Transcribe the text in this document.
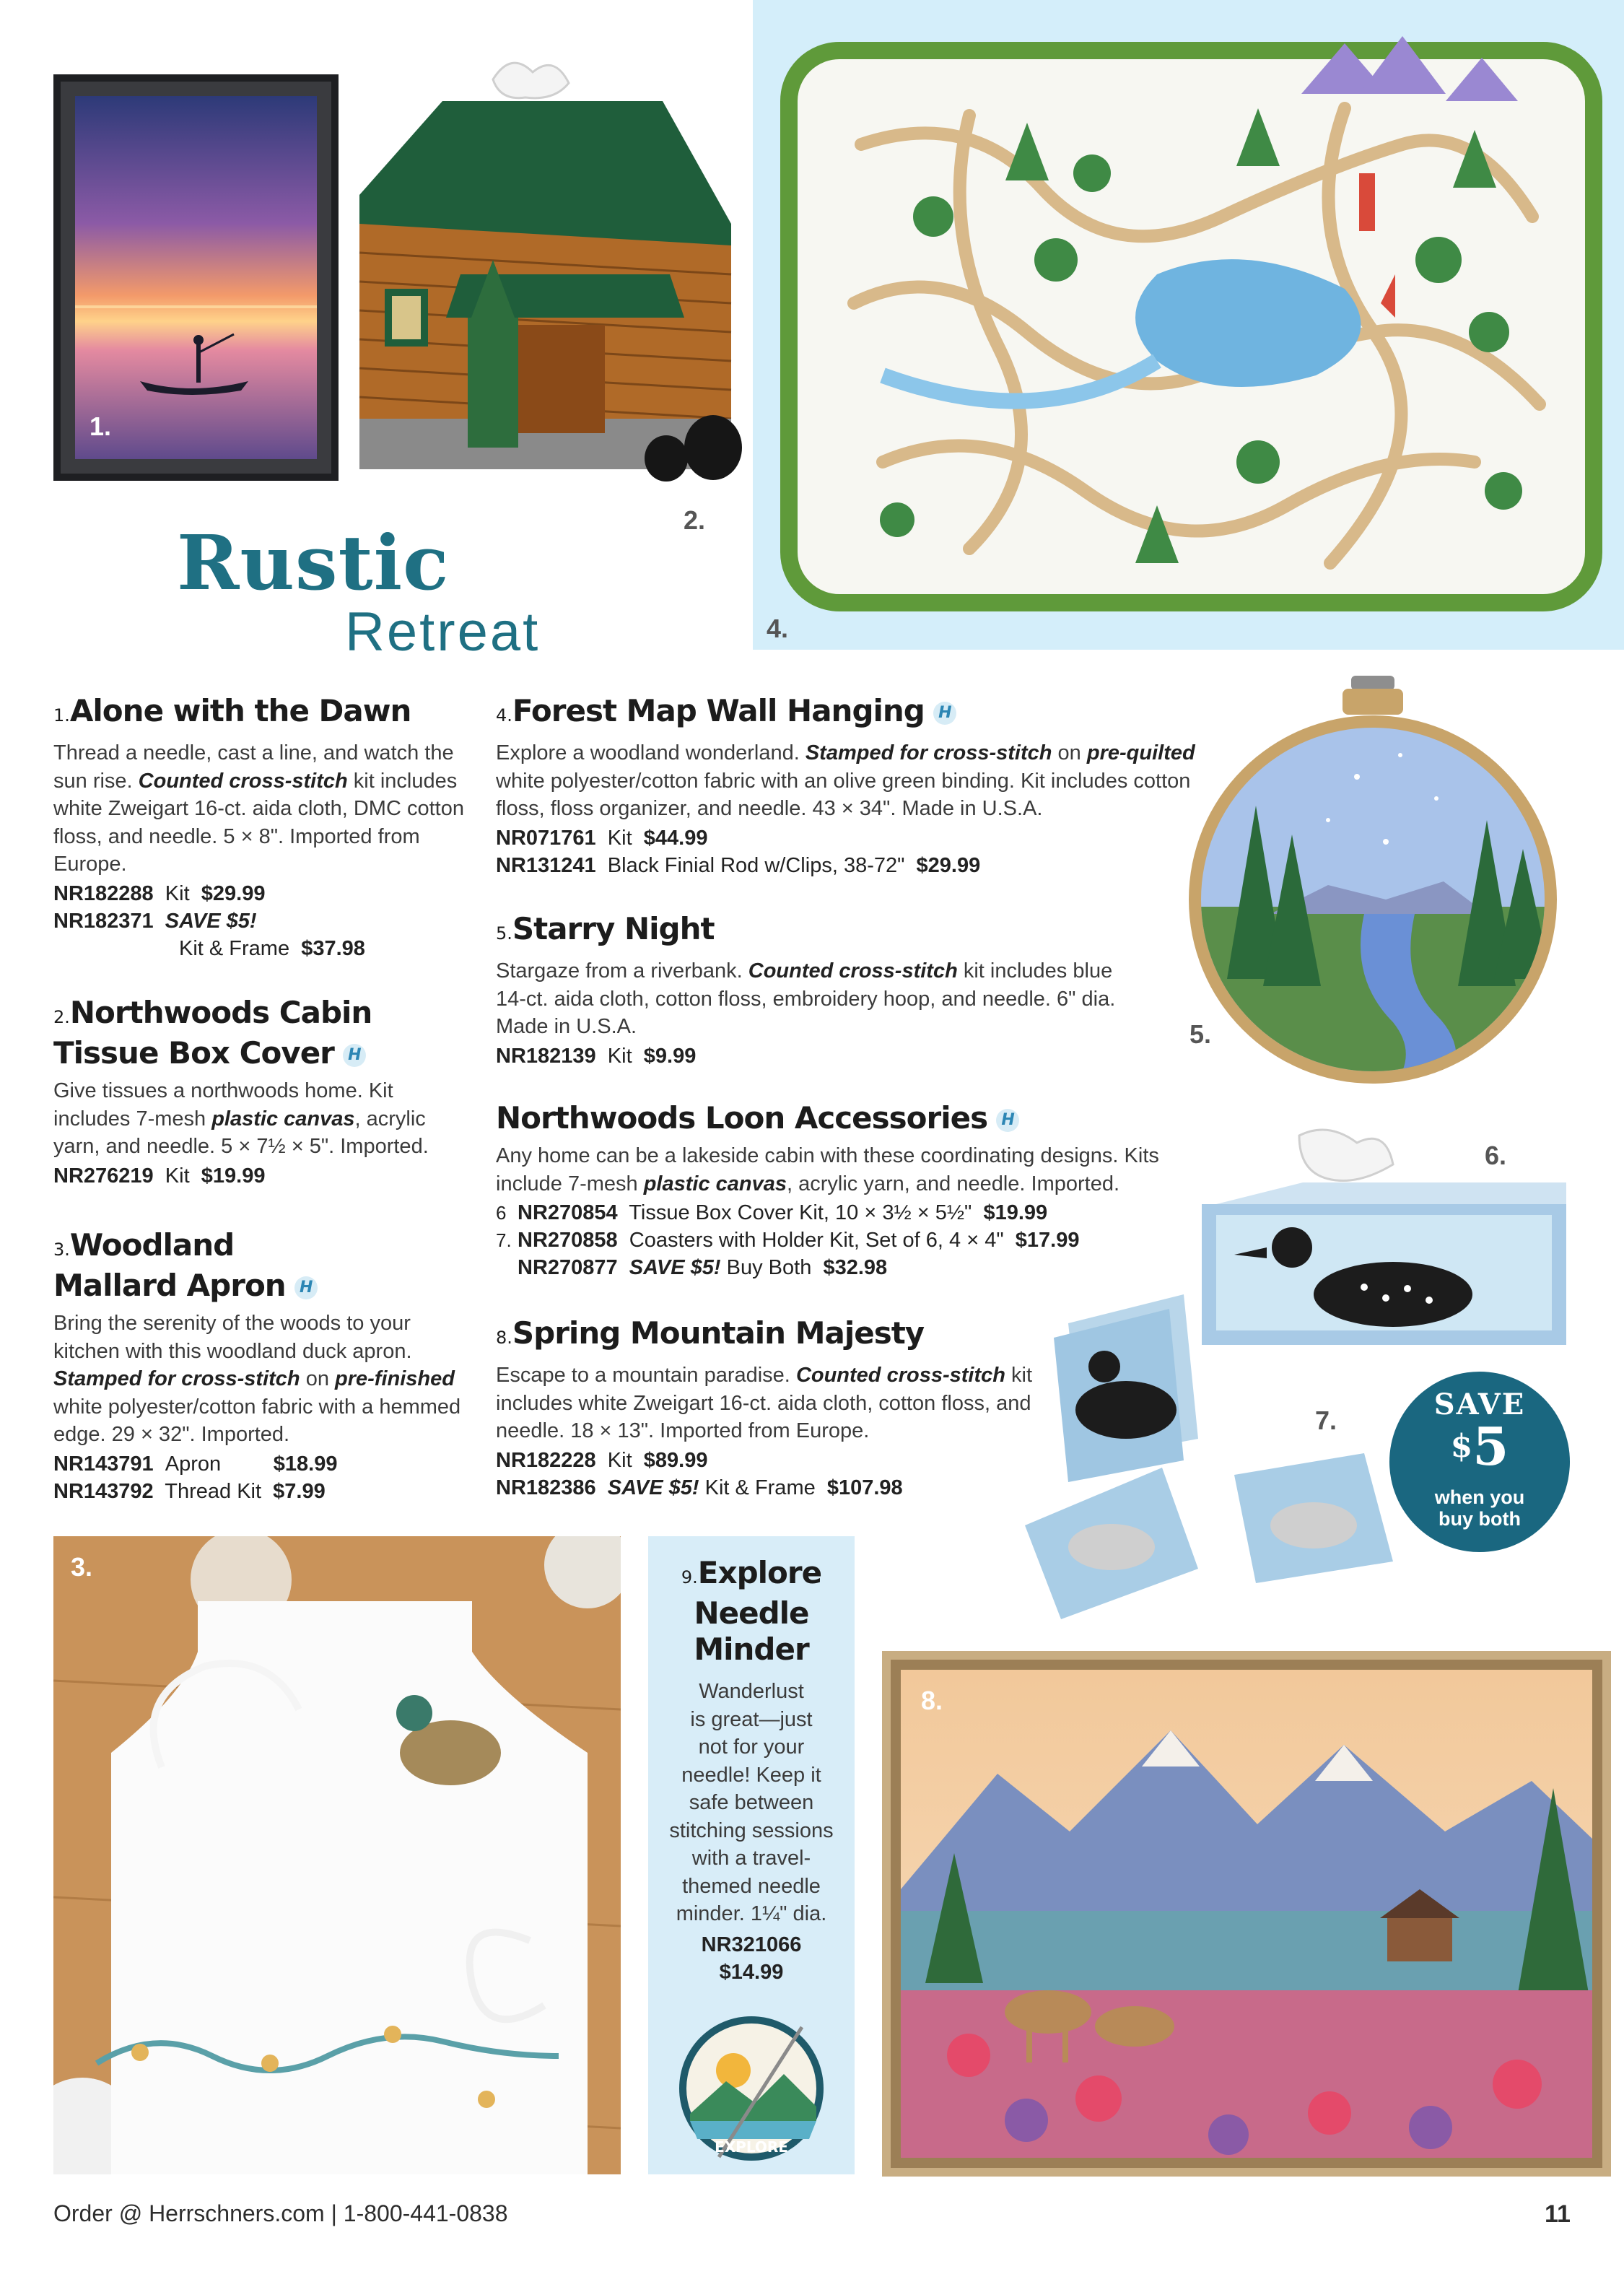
1.
2.
4.
Rustic
Retreat
1.Alone with the Dawn
Thread a needle, cast a line, and watch the sun rise. Counted cross-stitch kit includes white Zweigart 16-ct. aida cloth, DMC cotton floss, and needle. 5 × 8". Imported from Europe.
NR182288 Kit $29.99
NR182371 SAVE $5!
Kit & Frame $37.98
2.Northwoods Cabin
Tissue Box Cover H
Give tissues a northwoods home. Kit includes 7-mesh plastic canvas, acrylic yarn, and needle. 5 × 7½ × 5". Imported.
NR276219 Kit $19.99
3.Woodland
Mallard Apron H
Bring the serenity of the woods to your kitchen with this woodland duck apron. Stamped for cross-stitch on pre-finished white polyester/cotton fabric with a hemmed edge. 29 × 32". Imported.
NR143791 Apron	$18.99
NR143792 Thread Kit $7.99
4.Forest Map Wall Hanging H
Explore a woodland wonderland. Stamped for cross-stitch on pre-quilted white polyester/cotton fabric with an olive green binding. Kit includes cotton floss, floss organizer, and needle. 43 × 34". Made in U.S.A.
NR071761 Kit $44.99
NR131241 Black Finial Rod w/Clips, 38-72" $29.99
5.Starry Night
Stargaze from a riverbank. Counted cross-stitch kit includes blue 14-ct. aida cloth, cotton floss, embroidery hoop, and needle. 6" dia. Made in U.S.A.
NR182139 Kit $9.99
Northwoods Loon Accessories H
Any home can be a lakeside cabin with these coordinating designs. Kits include 7-mesh plastic canvas, acrylic yarn, and needle. Imported.
6 NR270854 Tissue Box Cover Kit, 10 × 3½ × 5½" $19.99
7. NR270858 Coasters with Holder Kit, Set of 6, 4 × 4" $17.99
NR270877 SAVE $5! Buy Both $32.98
8.Spring Mountain Majesty
Escape to a mountain paradise. Counted cross-stitch kit includes white Zweigart 16-ct. aida cloth, cotton floss, and needle. 18 × 13". Imported from Europe.
NR182228 Kit $89.99
NR182386 SAVE $5! Kit & Frame $107.98
5.
6.
7.	SAVE
$5
when you
buy both
3.	9.Explore
Needle
Minder
Wanderlust
is great—just
not for your
needle! Keep it
safe between
stitching sessions
with a travel-
themed needle
minder. 1¼" dia.
NR321066
$14.99
EXPLORE
8.
Order @ Herrschners.com | 1-800-441-0838	11
